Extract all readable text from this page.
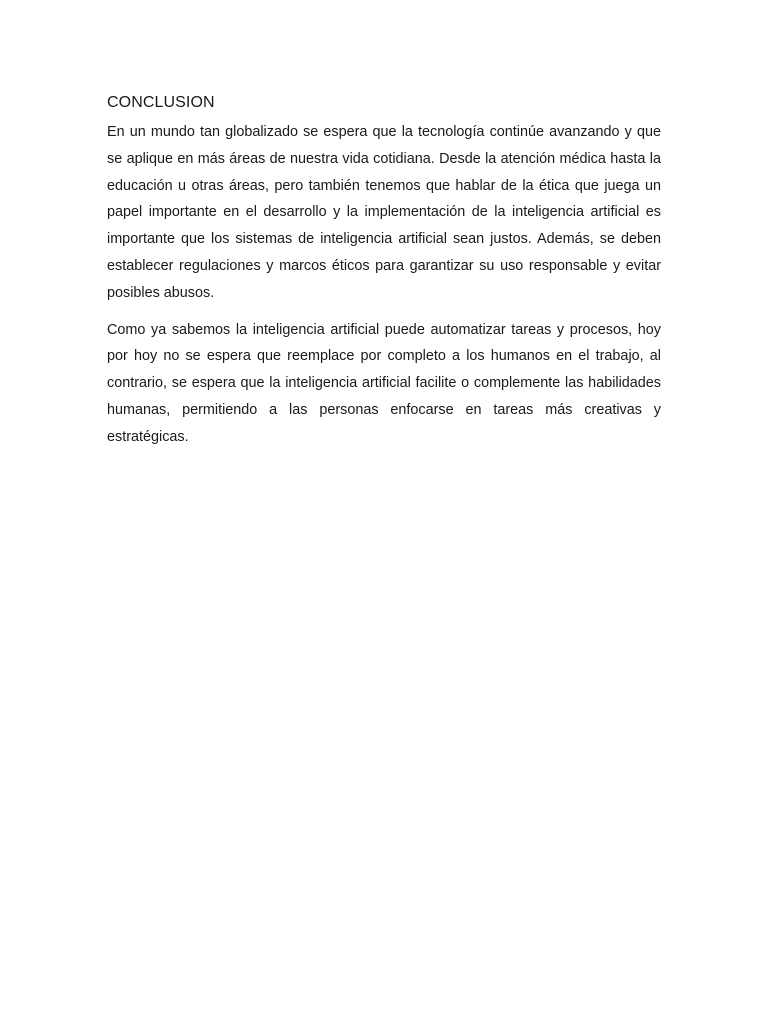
CONCLUSION

En un mundo tan globalizado se espera que la tecnología continúe avanzando y que se aplique en más áreas de nuestra vida cotidiana. Desde la atención médica hasta la educación u otras áreas, pero también tenemos que hablar de la ética que juega un papel importante en el desarrollo y la implementación de la inteligencia artificial es importante que los sistemas de inteligencia artificial sean justos. Además, se deben establecer regulaciones y marcos éticos para garantizar su uso responsable y evitar posibles abusos.

Como ya sabemos la inteligencia artificial puede automatizar tareas y procesos, hoy por hoy no se espera que reemplace por completo a los humanos en el trabajo, al contrario, se espera que la inteligencia artificial facilite o complemente las habilidades humanas, permitiendo a las personas enfocarse en tareas más creativas y estratégicas.
